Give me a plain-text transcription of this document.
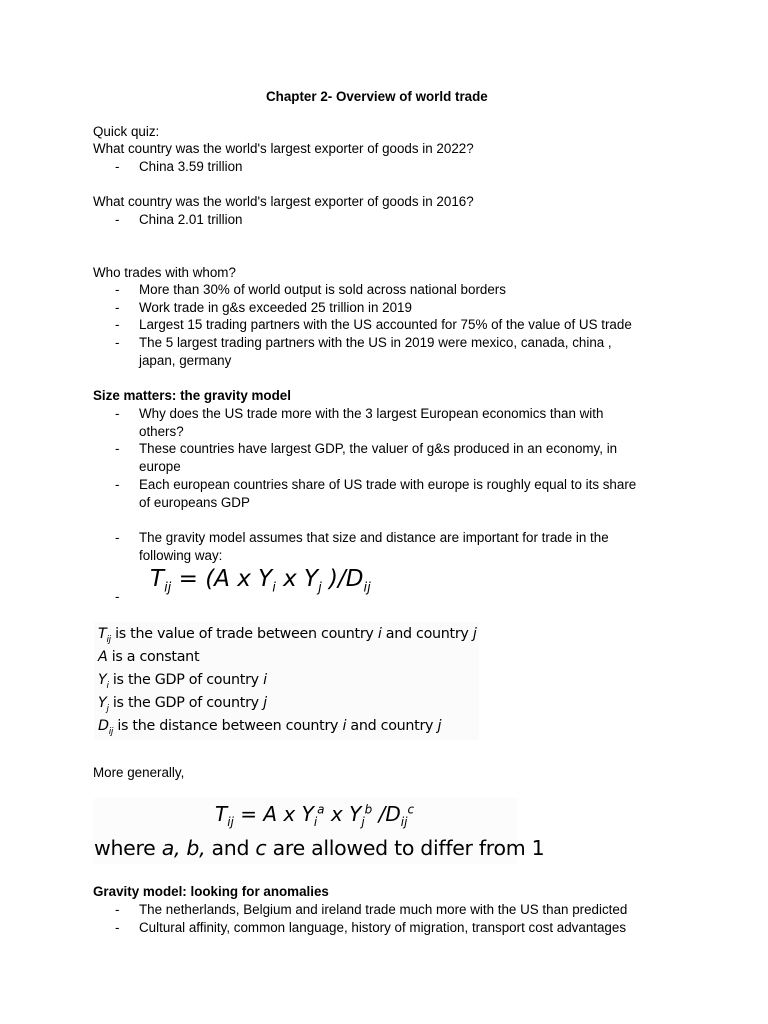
Chapter 2- Overview of world trade
Quick quiz:
What country was the world's largest exporter of goods in 2022?
- China 3.59 trillion
What country was the world's largest exporter of goods in 2016?
- China 2.01 trillion
Who trades with whom?
- More than 30% of world output is sold across national borders
- Work trade in g&s exceeded 25 trillion in 2019
- Largest 15 trading partners with the US accounted for 75% of the value of US trade
- The 5 largest trading partners with the US in 2019 were mexico, canada, china ,
japan, germany
Size matters: the gravity model
- Why does the US trade more with the 3 largest European economics than with
others?
- These countries have largest GDP, the valuer of g&s produced in an economy, in
europe
- Each european countries share of US trade with europe is roughly equal to its share
of europeans GDP
- The gravity model assumes that size and distance are important for trade in the
following way:
-
$T_{ij} = (A$ x $Y_i$ x $Y_j$ )$/D_{ij}$
$T_{ij}$ is the value of trade between country i and country j
A is a constant
$Y_i$ is the GDP of country i
$Y_j$ is the GDP of country j
$D_{ij}$ is the distance between country i and country j
More generally,
$T_{ij} = A$ x $Y_i^a$ x $Y_j^b$ $/D_{ij}^c$
where a, b, and c are allowed to differ from 1
Gravity model: looking for anomalies
- The netherlands, Belgium and ireland trade much more with the US than predicted
- Cultural affinity, common language, history of migration, transport cost advantages
